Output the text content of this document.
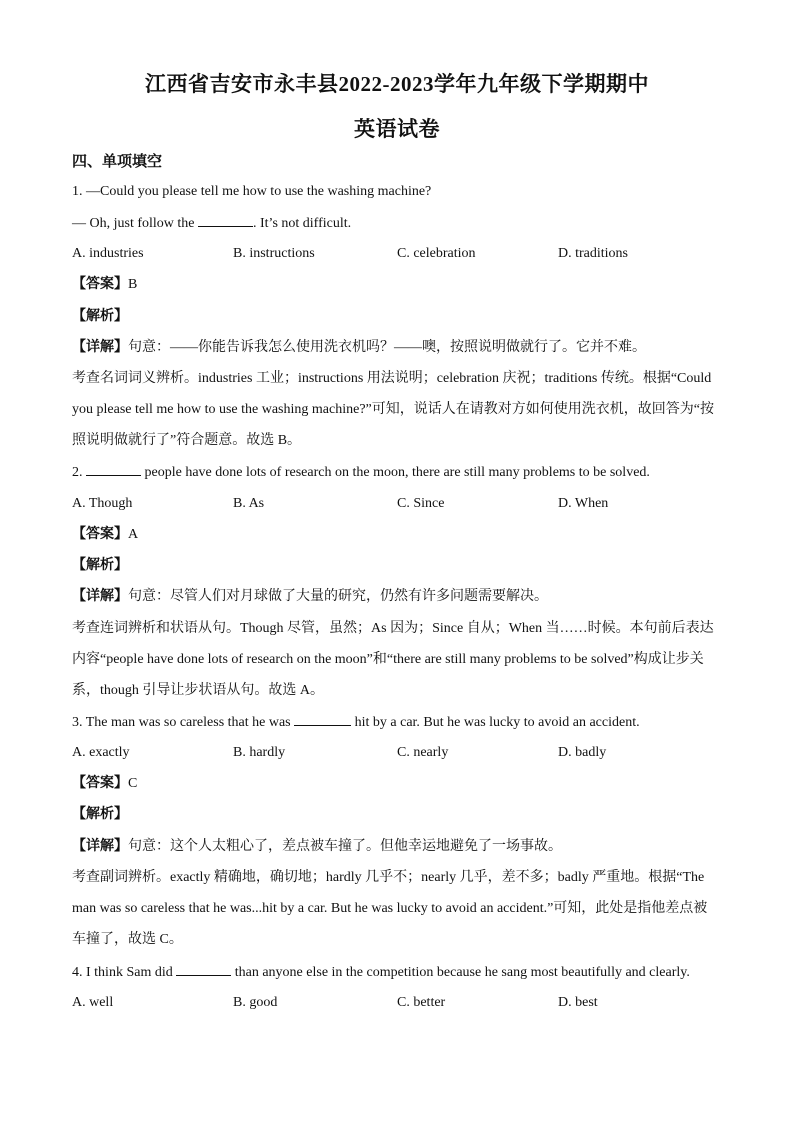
江西省吉安市永丰县2022-2023学年九年级下学期期中
英语试卷
四、单项填空
1. —Could you please tell me how to use the washing machine?
— Oh, just follow the	. It’s not difficult.
A. industries	B. instructions	C. celebration	D. traditions
【答案】B
【解析】
【详解】句意：——你能告诉我怎么使用洗衣机吗？——噢，按照说明做就行了。它并不难。
考查名词词义辨析。industries 工业；instructions 用法说明；celebration 庆祝；traditions 传统。根据“Could
you please tell me how to use the washing machine?”可知，说话人在请教对方如何使用洗衣机，故回答为“按
照说明做就行了”符合题意。故选 B。
2.	people have done lots of research on the moon, there are still many problems to be solved.
A. Though	B. As	C. Since	D. When
【答案】A
【解析】
【详解】句意：尽管人们对月球做了大量的研究，仍然有许多问题需要解决。
考查连词辨析和状语从句。Though 尽管，虽然；As 因为；Since 自从；When 当……时候。本句前后表达
内容“people have done lots of research on the moon”和“there are still many problems to be solved”构成让步关
系，though 引导让步状语从句。故选 A。
3. The man was so careless that he was	hit by a car. But he was lucky to avoid an accident.
A. exactly	B. hardly	C. nearly	D. badly
【答案】C
【解析】
【详解】句意：这个人太粗心了，差点被车撞了。但他幸运地避免了一场事故。
考查副词辨析。exactly 精确地，确切地；hardly 几乎不；nearly 几乎，差不多；badly 严重地。根据“The
man was so careless that he was...hit by a car. But he was lucky to avoid an accident.”可知，此处是指他差点被
车撞了，故选 C。
4. I think Sam did	than anyone else in the competition because he sang most beautifully and clearly.
A. well	B. good	C. better	D. best
